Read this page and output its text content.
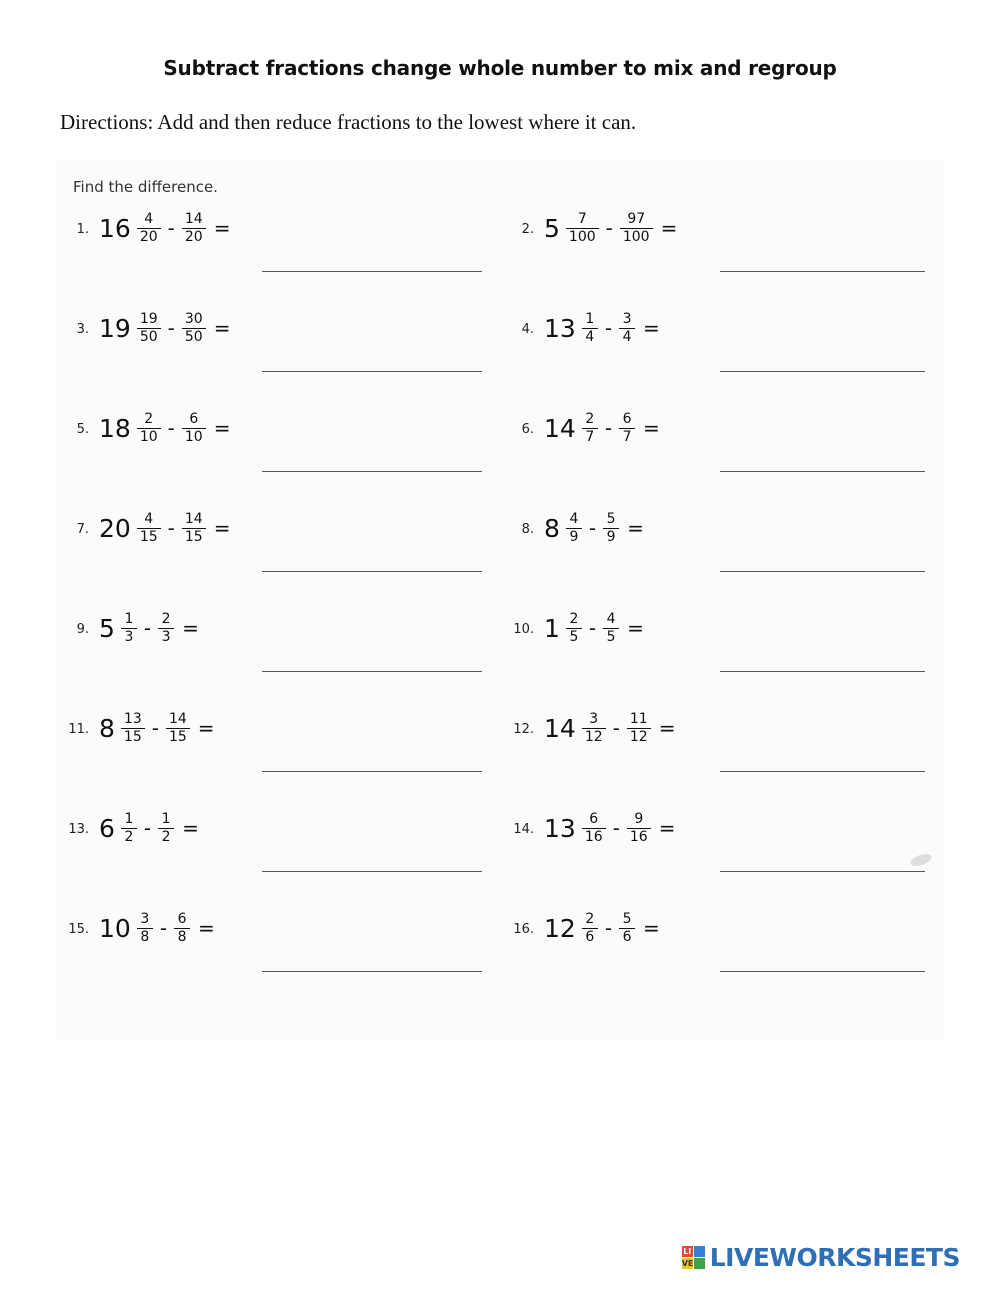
Subtract fractions change whole number to mix and regroup
Directions: Add and then reduce fractions to the lowest where it can.
Find the difference.
1. $16 \frac{4}{20} - \frac{14}{20}$ =	2. $5 \frac{7}{100} - \frac{97}{100}$ =
3. $19 \frac{19}{50} - \frac{30}{50}$ =	4. $13 \frac{1}{4} - \frac{3}{4}$ =
5. $18 \frac{2}{10} - \frac{6}{10}$ =	6. $14 \frac{2}{7} - \frac{6}{7}$ =
7. $20 \frac{4}{15} - \frac{14}{15}$ =	8. $8 \frac{4}{9} - \frac{5}{9}$ =
9. $5 \frac{1}{3} - \frac{2}{3}$ =	10. $1 \frac{2}{5} - \frac{4}{5}$ =
11. $8 \frac{13}{15} - \frac{14}{15}$ =	12. $14 \frac{3}{12} - \frac{11}{12}$ =
13. $6 \frac{1}{2} - \frac{1}{2}$ =	14. $13 \frac{6}{16} - \frac{9}{16}$ =
15. $10 \frac{3}{8} - \frac{6}{8}$ =	16. $12 \frac{2}{6} - \frac{5}{6}$ =
LI
VE LIVEWORKSHEETS
